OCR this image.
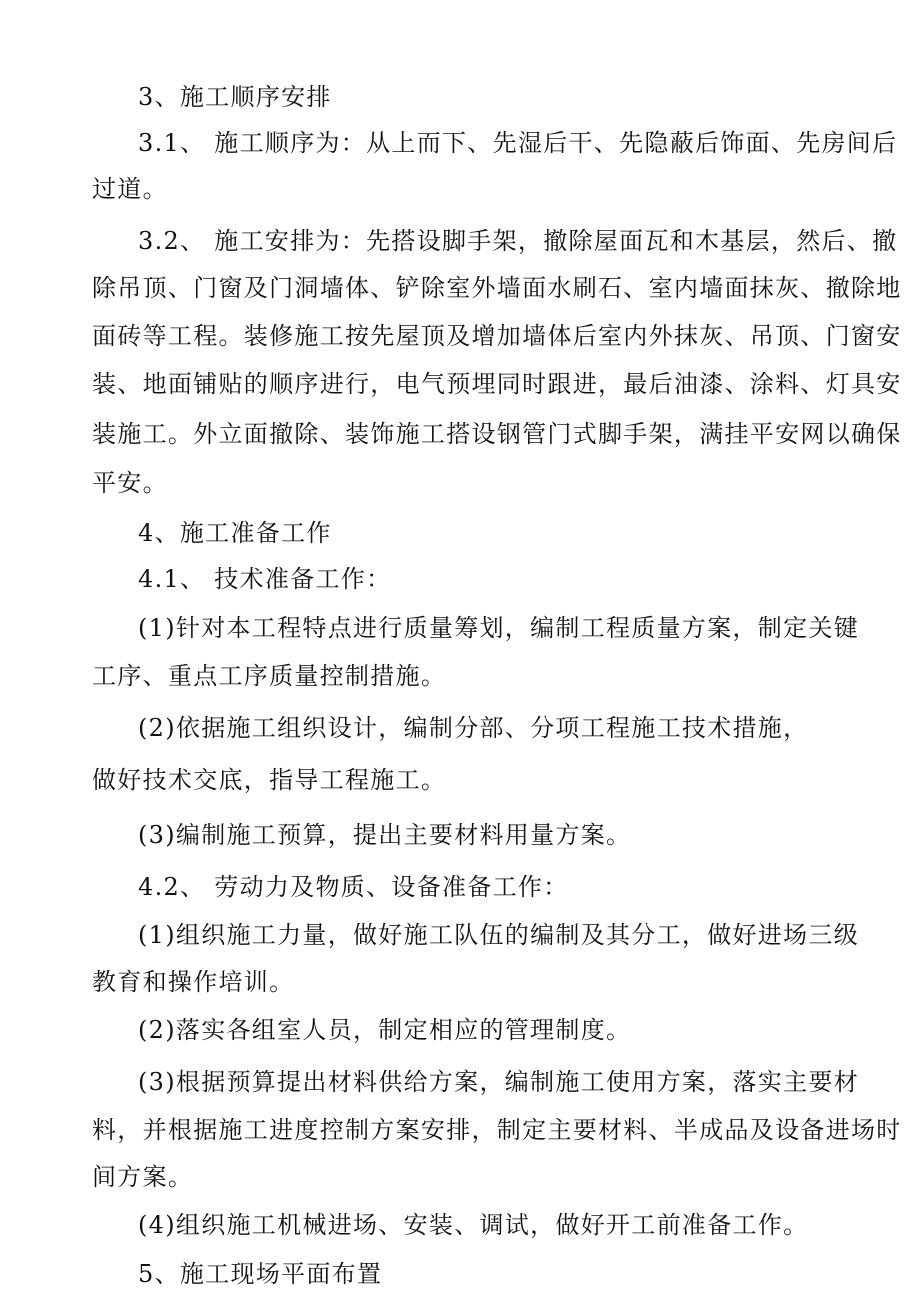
3、施工顺序安排
3.1、 施工顺序为：从上而下、先湿后干、先隐蔽后饰面、先房间后
过道。
3.2、 施工安排为：先搭设脚手架，撤除屋面瓦和木基层，然后、撤
除吊顶、门窗及门洞墙体、铲除室外墙面水刷石、室内墙面抹灰、撤除地
面砖等工程。装修施工按先屋顶及增加墙体后室内外抹灰、吊顶、门窗安
装、地面铺贴的顺序进行，电气预埋同时跟进，最后油漆、涂料、灯具安
装施工。外立面撤除、装饰施工搭设钢管门式脚手架，满挂平安网以确保
平安。
4、施工准备工作
4.1、 技术准备工作：
(1)针对本工程特点进行质量筹划，编制工程质量方案，制定关键
工序、重点工序质量控制措施。
(2)依据施工组织设计，编制分部、分项工程施工技术措施，
做好技术交底，指导工程施工。
(3)编制施工预算，提出主要材料用量方案。
4.2、 劳动力及物质、设备准备工作：
(1)组织施工力量，做好施工队伍的编制及其分工，做好进场三级
教育和操作培训。
(2)落实各组室人员，制定相应的管理制度。
(3)根据预算提出材料供给方案，编制施工使用方案，落实主要材
料，并根据施工进度控制方案安排，制定主要材料、半成品及设备进场时
间方案。
(4)组织施工机械进场、安装、调试，做好开工前准备工作。
5、施工现场平面布置
